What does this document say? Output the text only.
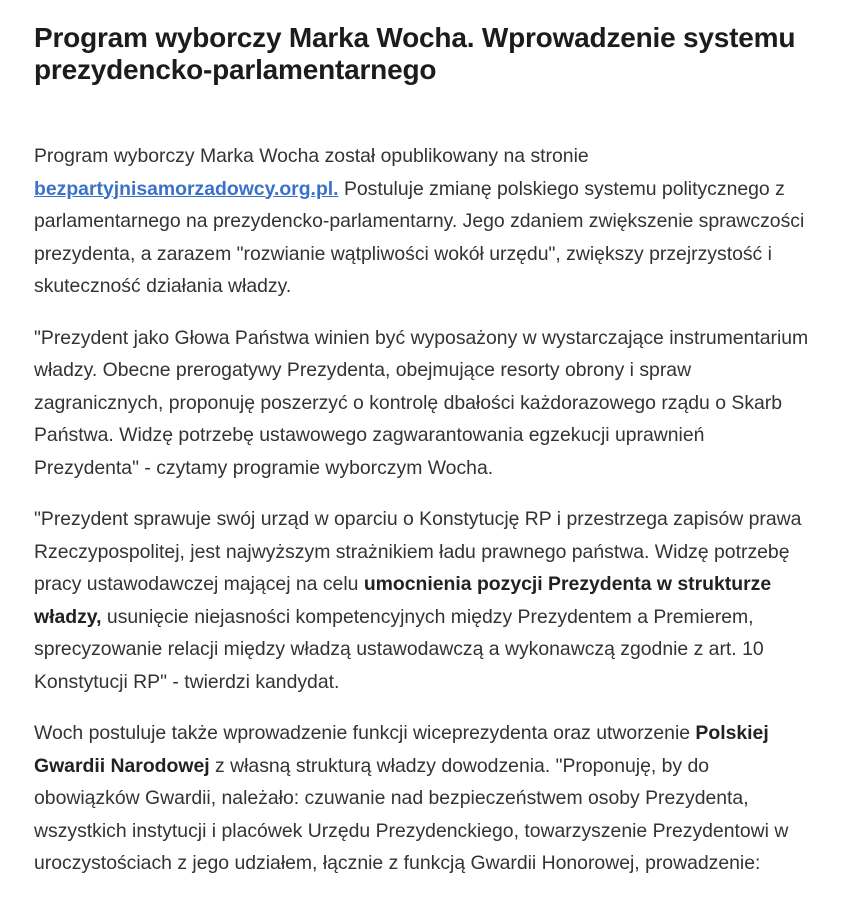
Program wyborczy Marka Wocha. Wprowadzenie systemu prezydencko-parlamentarnego

Program wyborczy Marka Wocha został opublikowany na stronie bezpartyjnisamorzadowcy.org.pl. Postuluje zmianę polskiego systemu politycznego z parlamentarnego na prezydencko-parlamentarny. Jego zdaniem zwiększenie sprawczości prezydenta, a zarazem "rozwianie wątpliwości wokół urzędu", zwiększy przejrzystość i skuteczność działania władzy.

"Prezydent jako Głowa Państwa winien być wyposażony w wystarczające instrumentarium władzy. Obecne prerogatywy Prezydenta, obejmujące resorty obrony i spraw zagranicznych, proponuję poszerzyć o kontrolę dbałości każdorazowego rządu o Skarb Państwa. Widzę potrzebę ustawowego zagwarantowania egzekucji uprawnień Prezydenta" - czytamy programie wyborczym Wocha.

"Prezydent sprawuje swój urząd w oparciu o Konstytucję RP i przestrzega zapisów prawa Rzeczypospolitej, jest najwyższym strażnikiem ładu prawnego państwa. Widzę potrzebę pracy ustawodawczej mającej na celu umocnienia pozycji Prezydenta w strukturze władzy, usunięcie niejasności kompetencyjnych między Prezydentem a Premierem, sprecyzowanie relacji między władzą ustawodawczą a wykonawczą zgodnie z art. 10 Konstytucji RP" - twierdzi kandydat.

Woch postuluje także wprowadzenie funkcji wiceprezydenta oraz utworzenie Polskiej Gwardii Narodowej z własną strukturą władzy dowodzenia. "Proponuję, by do obowiązków Gwardii, należało: czuwanie nad bezpieczeństwem osoby Prezydenta, wszystkich instytucji i placówek Urzędu Prezydenckiego, towarzyszenie Prezydentowi w uroczystościach z jego udziałem, łącznie z funkcją Gwardii Honorowej, prowadzenie:
